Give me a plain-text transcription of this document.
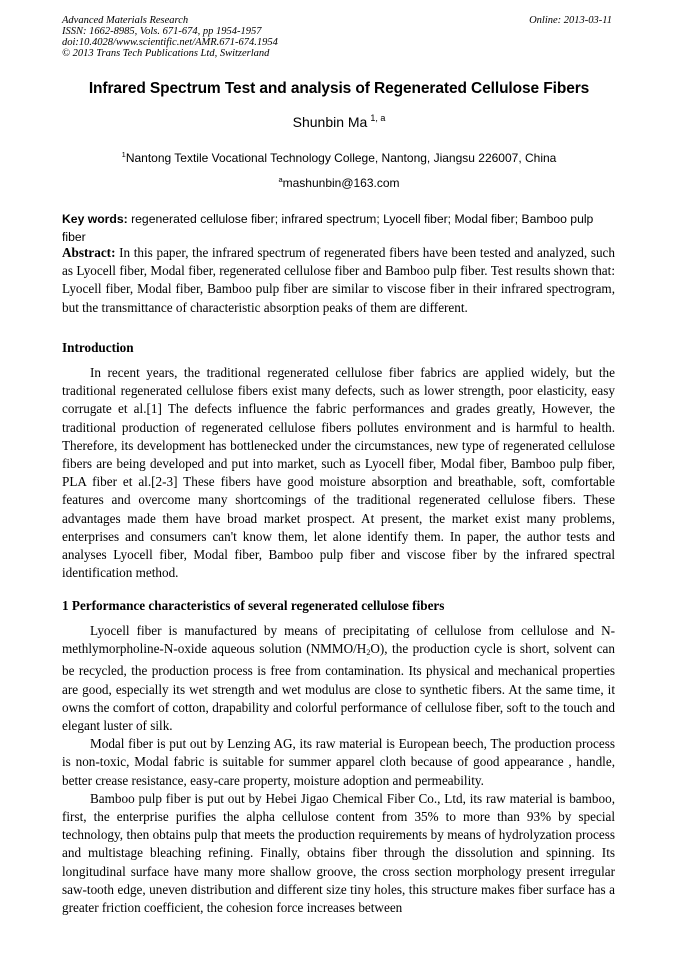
Advanced Materials Research
ISSN: 1662-8985, Vols. 671-674, pp 1954-1957
doi:10.4028/www.scientific.net/AMR.671-674.1954
© 2013 Trans Tech Publications Ltd, Switzerland
Online: 2013-03-11
Infrared Spectrum Test and analysis of Regenerated Cellulose Fibers
Shunbin Ma $^{1, a}$
$^1$Nantong Textile Vocational Technology College, Nantong, Jiangsu 226007, China
$^a$mashunbin@163.com
Key words: regenerated cellulose fiber; infrared spectrum; Lyocell fiber; Modal fiber; Bamboo pulp fiber
Abstract: In this paper, the infrared spectrum of regenerated fibers have been tested and analyzed, such as Lyocell fiber, Modal fiber, regenerated cellulose fiber and Bamboo pulp fiber. Test results shown that: Lyocell fiber, Modal fiber, Bamboo pulp fiber are similar to viscose fiber in their infrared spectrogram, but the transmittance of characteristic absorption peaks of them are different.
Introduction

In recent years, the traditional regenerated cellulose fiber fabrics are applied widely, but the traditional regenerated cellulose fibers exist many defects, such as lower strength, poor elasticity, easy corrugate et al.[1] The defects influence the fabric performances and grades greatly, However, the traditional production of regenerated cellulose fibers pollutes environment and is harmful to health. Therefore, its development has bottlenecked under the circumstances, new type of regenerated cellulose fibers are being developed and put into market, such as Lyocell fiber, Modal fiber, Bamboo pulp fiber, PLA fiber et al.[2-3] These fibers have good moisture absorption and breathable, soft, comfortable features and overcome many shortcomings of the traditional regenerated cellulose fibers. These advantages made them have broad market prospect. At present, the market exist many problems, enterprises and consumers can't know them, let alone identify them. In paper, the author tests and analyses Lyocell fiber, Modal fiber, Bamboo pulp fiber and viscose fiber by the infrared spectral identification method.

1 Performance characteristics of several regenerated cellulose fibers

Lyocell fiber is manufactured by means of precipitating of cellulose from cellulose and N-methlymorpholine-N-oxide aqueous solution $(NMMO/H_2O)$, the production cycle is short, solvent can be recycled, the production process is free from contamination. Its physical and mechanical properties are good, especially its wet strength and wet modulus are close to synthetic fibers. At the same time, it owns the comfort of cotton, drapability and colorful performance of cellulose fiber, soft to the touch and elegant luster of silk.

Modal fiber is put out by Lenzing AG, its raw material is European beech, The production process is non-toxic, Modal fabric is suitable for summer apparel cloth because of good appearance , handle, better crease resistance, easy-care property, moisture adoption and permeability.

Bamboo pulp fiber is put out by Hebei Jigao Chemical Fiber Co., Ltd, its raw material is bamboo, first, the enterprise purifies the alpha cellulose content from 35% to more than 93% by special technology, then obtains pulp that meets the production requirements by means of hydrolyzation process and multistage bleaching refining. Finally, obtains fiber through the dissolution and spinning. Its longitudinal surface have many more shallow groove, the cross section morphology present irregular saw-tooth edge, uneven distribution and different size tiny holes, this structure makes fiber surface has a greater friction coefficient, the cohesion force increases between
